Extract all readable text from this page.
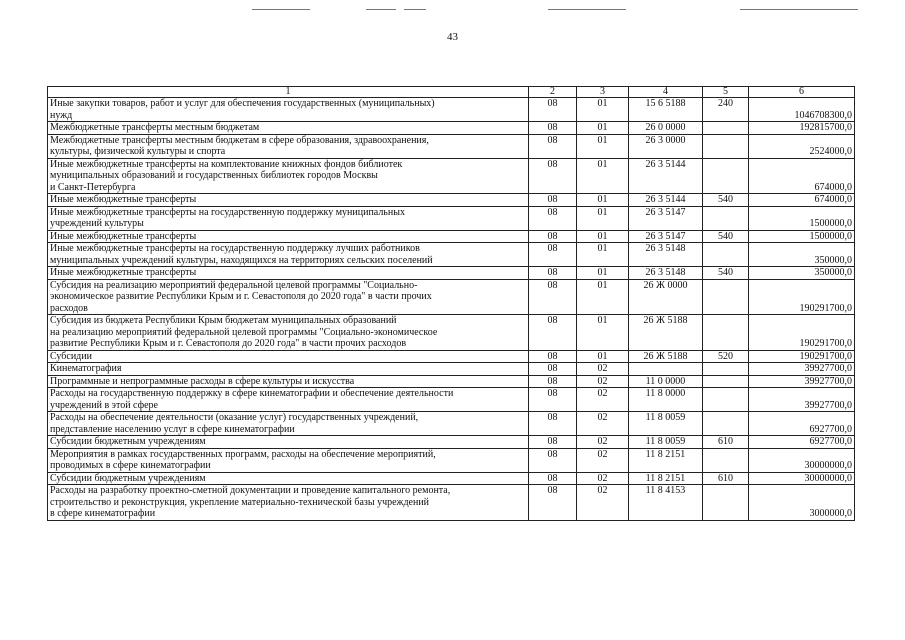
43
1	2	3	4	5	6

Иные закупки товаров, работ и услуг для обеспечения государственных (муниципальных)
нужд	08	01	15 6 5188	240	1046708300,0

Межбюджетные трансферты местным бюджетам	08	01	26 0 0000		192815700,0

Межбюджетные трансферты местным бюджетам в сфере образования, здравоохранения,
культуры, физической культуры и спорта	08	01	26 3 0000		2524000,0

Иные межбюджетные трансферты на комплектование книжных фондов библиотек
муниципальных образований и государственных библиотек городов Москвы
и Санкт-Петербурга	08	01	26 3 5144		674000,0

Иные межбюджетные трансферты	08	01	26 3 5144	540	674000,0

Иные межбюджетные трансферты на государственную поддержку муниципальных
учреждений культуры	08	01	26 3 5147		1500000,0

Иные межбюджетные трансферты	08	01	26 3 5147	540	1500000,0

Иные межбюджетные трансферты на государственную поддержку лучших работников
муниципальных учреждений культуры, находящихся на территориях сельских поселений	08	01	26 3 5148		350000,0

Иные межбюджетные трансферты	08	01	26 3 5148	540	350000,0

Субсидия на реализацию мероприятий федеральной целевой программы "Социально-
экономическое развитие Республики Крым и г. Севастополя до 2020 года" в части прочих
расходов	08	01	26 Ж 0000		190291700,0

Субсидия из бюджета Республики Крым бюджетам муниципальных образований
на реализацию мероприятий федеральной целевой программы "Социально-экономическое
развитие Республики Крым и г. Севастополя до 2020 года" в части прочих расходов	08	01	26 Ж 5188		190291700,0

Субсидии	08	01	26 Ж 5188	520	190291700,0

Кинематография	08	02			39927700,0

Программные и непрограммные расходы в сфере культуры и искусства	08	02	11 0 0000		39927700,0

Расходы на государственную поддержку в сфере кинематографии и обеспечение деятельности
учреждений в этой сфере	08	02	11 8 0000		39927700,0

Расходы на обеспечение деятельности (оказание услуг) государственных учреждений,
представление населению услуг в сфере кинематографии	08	02	11 8 0059		6927700,0

Субсидии бюджетным учреждениям	08	02	11 8 0059	610	6927700,0

Мероприятия в рамках государственных программ, расходы на обеспечение мероприятий,
проводимых в сфере кинематографии	08	02	11 8 2151		30000000,0

Субсидии бюджетным учреждениям	08	02	11 8 2151	610	30000000,0

Расходы на разработку проектно-сметной документации и проведение капитального ремонта,
строительство и реконструкция, укрепление материально-технической базы учреждений
в сфере кинематографии	08	02	11 8 4153		3000000,0
